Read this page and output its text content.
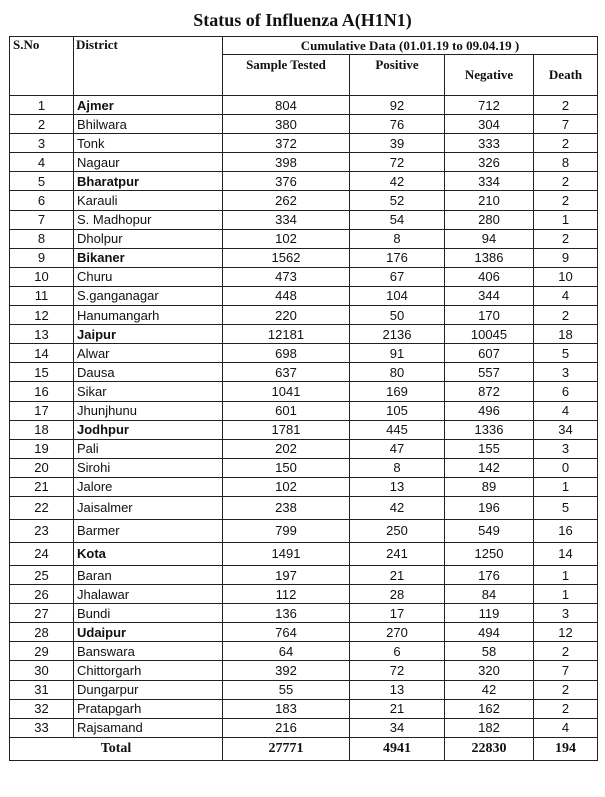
Status of Influenza A(H1N1)
S.No	District	Cumulative Data (01.01.19 to 09.04.19 )			
		Sample Tested	Positive	Negative	Death
1	Ajmer	804	92	712	2
2	Bhilwara	380	76	304	7
3	Tonk	372	39	333	2
4	Nagaur	398	72	326	8
5	Bharatpur	376	42	334	2
6	Karauli	262	52	210	2
7	S. Madhopur	334	54	280	1
8	Dholpur	102	8	94	2
9	Bikaner	1562	176	1386	9
10	Churu	473	67	406	10
11	S.ganganagar	448	104	344	4
12	Hanumangarh	220	50	170	2
13	Jaipur	12181	2136	10045	18
14	Alwar	698	91	607	5
15	Dausa	637	80	557	3
16	Sikar	1041	169	872	6
17	Jhunjhunu	601	105	496	4
18	Jodhpur	1781	445	1336	34
19	Pali	202	47	155	3
20	Sirohi	150	8	142	0
21	Jalore	102	13	89	1
22	Jaisalmer	238	42	196	5
23	Barmer	799	250	549	16
24	Kota	1491	241	1250	14
25	Baran	197	21	176	1
26	Jhalawar	112	28	84	1
27	Bundi	136	17	119	3
28	Udaipur	764	270	494	12
29	Banswara	64	6	58	2
30	Chittorgarh	392	72	320	7
31	Dungarpur	55	13	42	2
32	Pratapgarh	183	21	162	2
33	Rajsamand	216	34	182	4
Total		27771	4941	22830	194
